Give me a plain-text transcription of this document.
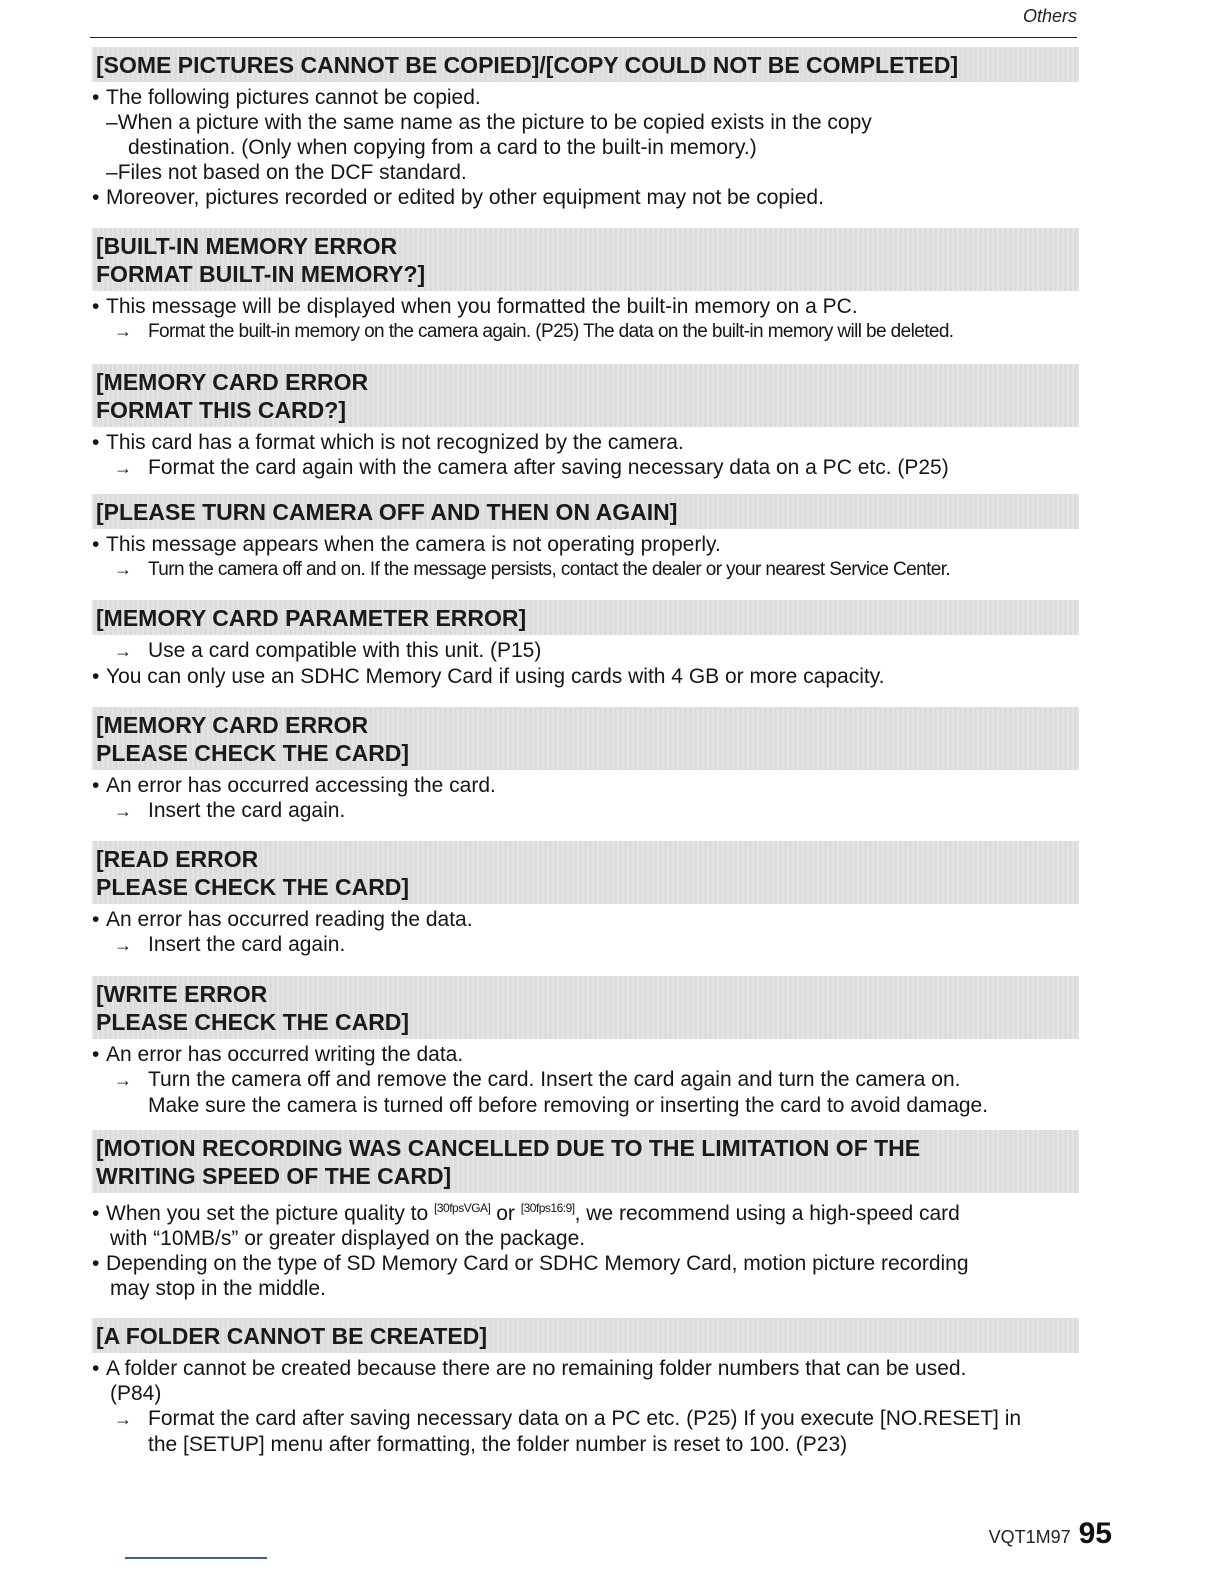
Others
[SOME PICTURES CANNOT BE COPIED]/[COPY COULD NOT BE COMPLETED]
• The following pictures cannot be copied.
– When a picture with the same name as the picture to be copied exists in the copy
destination. (Only when copying from a card to the built-in memory.)
– Files not based on the DCF standard.
• Moreover, pictures recorded or edited by other equipment may not be copied.
[BUILT-IN MEMORY ERROR
FORMAT BUILT-IN MEMORY?]
• This message will be displayed when you formatted the built-in memory on a PC.
→ Format the built-in memory on the camera again. (P25) The data on the built-in memory will be deleted.
[MEMORY CARD ERROR
FORMAT THIS CARD?]
• This card has a format which is not recognized by the camera.
→ Format the card again with the camera after saving necessary data on a PC etc. (P25)
[PLEASE TURN CAMERA OFF AND THEN ON AGAIN]
• This message appears when the camera is not operating properly.
→ Turn the camera off and on. If the message persists, contact the dealer or your nearest Service Center.
[MEMORY CARD PARAMETER ERROR]
→ Use a card compatible with this unit. (P15)
• You can only use an SDHC Memory Card if using cards with 4 GB or more capacity.
[MEMORY CARD ERROR
PLEASE CHECK THE CARD]
• An error has occurred accessing the card.
→ Insert the card again.
[READ ERROR
PLEASE CHECK THE CARD]
• An error has occurred reading the data.
→ Insert the card again.
[WRITE ERROR
PLEASE CHECK THE CARD]
• An error has occurred writing the data.
→ Turn the camera off and remove the card. Insert the card again and turn the camera on.
Make sure the camera is turned off before removing or inserting the card to avoid damage.
[MOTION RECORDING WAS CANCELLED DUE TO THE LIMITATION OF THE
WRITING SPEED OF THE CARD]
• When you set the picture quality to [30fpsVGA] or [30fps16:9], we recommend using a high-speed card
with “10MB/s” or greater displayed on the package.
• Depending on the type of SD Memory Card or SDHC Memory Card, motion picture recording
may stop in the middle.
[A FOLDER CANNOT BE CREATED]
• A folder cannot be created because there are no remaining folder numbers that can be used.
(P84)
→ Format the card after saving necessary data on a PC etc. (P25) If you execute [NO.RESET] in
the [SETUP] menu after formatting, the folder number is reset to 100. (P23)
VQT1M97 95
